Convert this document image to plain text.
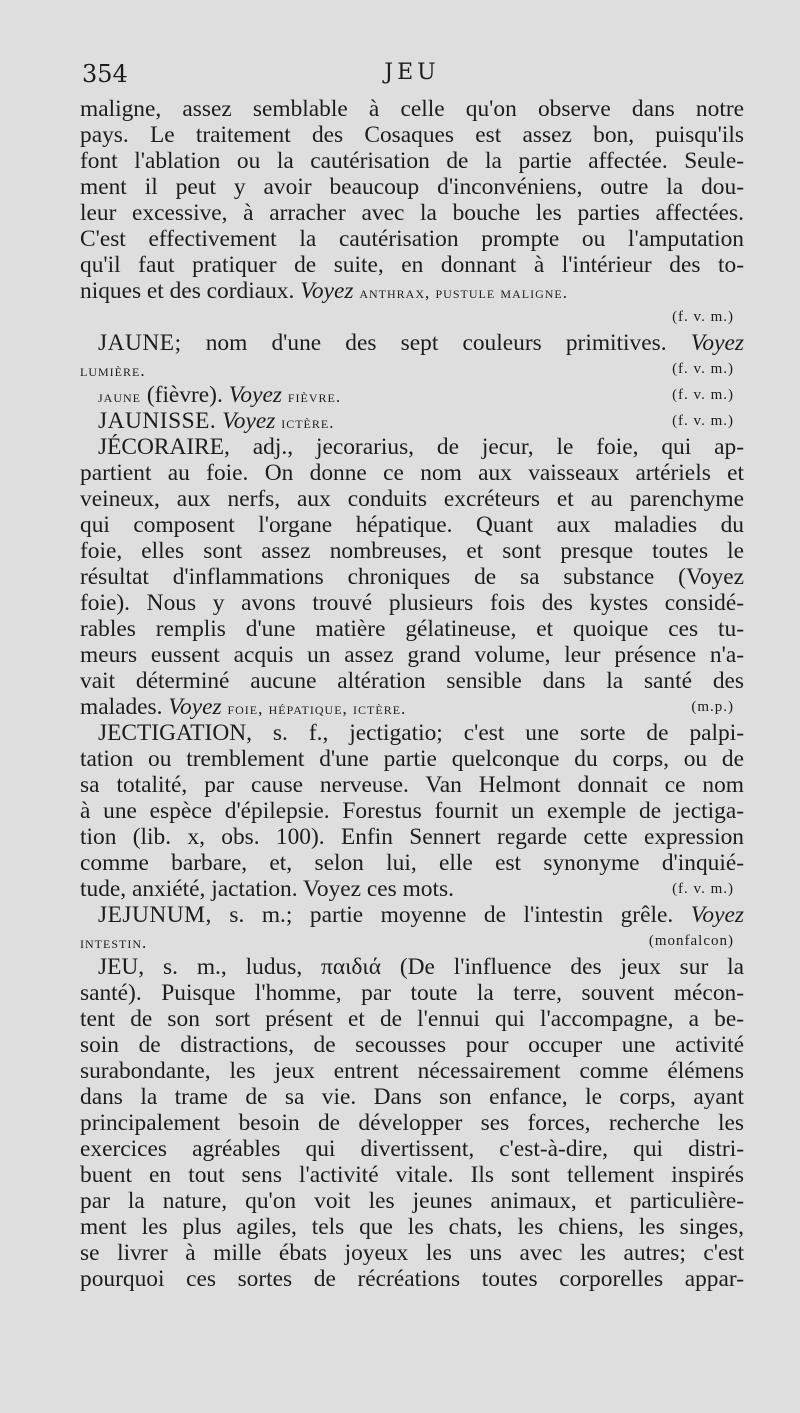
354	JEU
maligne, assez semblable à celle qu'on observe dans notre
pays. Le traitement des Cosaques est assez bon, puisqu'ils
font l'ablation ou la cautérisation de la partie affectée. Seule-
ment il peut y avoir beaucoup d'inconvéniens, outre la dou-
leur excessive, à arracher avec la bouche les parties affectées.
C'est effectivement la cautérisation prompte ou l'amputation
qu'il faut pratiquer de suite, en donnant à l'intérieur des to-
niques et des cordiaux. Voyez anthrax, pustule maligne.
(f. v. m.)
JAUNE; nom d'une des sept couleurs primitives. Voyez
lumière.	(f. v. m.)
jaune (fièvre). Voyez fièvre.	(f. v. m.)
JAUNISSE. Voyez ictère.	(f. v. m.)
JÉCORAIRE, adj., jecorarius, de jecur, le foie, qui ap-
partient au foie. On donne ce nom aux vaisseaux artériels et
veineux, aux nerfs, aux conduits excréteurs et au parenchyme
qui composent l'organe hépatique. Quant aux maladies du
foie, elles sont assez nombreuses, et sont presque toutes le
résultat d'inflammations chroniques de sa substance (Voyez
foie). Nous y avons trouvé plusieurs fois des kystes considé-
rables remplis d'une matière gélatineuse, et quoique ces tu-
meurs eussent acquis un assez grand volume, leur présence n'a-
vait déterminé aucune altération sensible dans la santé des
malades. Voyez foie, hépatique, ictère.	(m.p.)
JECTIGATION, s. f., jectigatio; c'est une sorte de palpi-
tation ou tremblement d'une partie quelconque du corps, ou de
sa totalité, par cause nerveuse. Van Helmont donnait ce nom
à une espèce d'épilepsie. Forestus fournit un exemple de jectiga-
tion (lib. x, obs. 100). Enfin Sennert regarde cette expression
comme barbare, et, selon lui, elle est synonyme d'inquié-
tude, anxiété, jactation. Voyez ces mots.	(f. v. m.)
JEJUNUM, s. m.; partie moyenne de l'intestin grêle. Voyez
intestin.	(monfalcon)
JEU, s. m., ludus, παιδιά (De l'influence des jeux sur la
santé). Puisque l'homme, par toute la terre, souvent mécon-
tent de son sort présent et de l'ennui qui l'accompagne, a be-
soin de distractions, de secousses pour occuper une activité
surabondante, les jeux entrent nécessairement comme élémens
dans la trame de sa vie. Dans son enfance, le corps, ayant
principalement besoin de développer ses forces, recherche les
exercices agréables qui divertissent, c'est-à-dire, qui distri-
buent en tout sens l'activité vitale. Ils sont tellement inspirés
par la nature, qu'on voit les jeunes animaux, et particulière-
ment les plus agiles, tels que les chats, les chiens, les singes,
se livrer à mille ébats joyeux les uns avec les autres; c'est
pourquoi ces sortes de récréations toutes corporelles appar-
